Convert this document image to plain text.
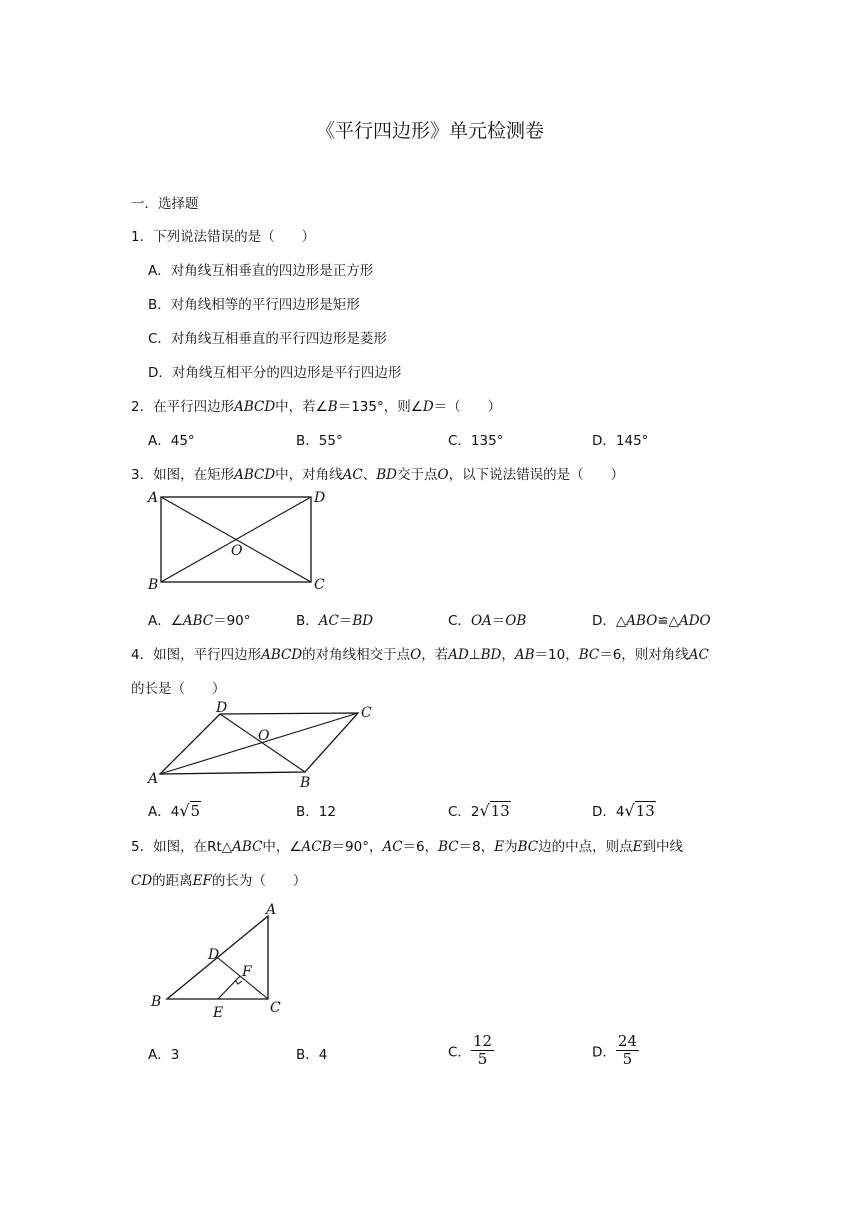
《平行四边形》单元检测卷
一．选择题
1．下列说法错误的是（　　）
A．对角线互相垂直的四边形是正方形
B．对角线相等的平行四边形是矩形
C．对角线互相垂直的平行四边形是菱形
D．对角线互相平分的四边形是平行四边形
2．在平行四边形ABCD中，若∠B＝135°，则∠D＝（　　）
A．45°	B．55°	C．135°	D．145°
3．如图，在矩形ABCD中，对角线AC、BD交于点O，以下说法错误的是（　　）
A	D
B	C
O
A．∠ABC＝90°	B．AC＝BD	C．OA＝OB	D．△ABO≌△ADO
4．如图，平行四边形ABCD的对角线相交于点O，若AD⊥BD，AB＝10，BC＝6，则对角线AC
的长是（　　）
A	B
C
D
O
A．4√5	B．12	C．2√13	D．4√13
5．如图，在Rt△ABC中，∠ACB＝90°，AC＝6，BC＝8，E为BC边的中点，则点E到中线
CD的距离EF的长为（　　）
A
B	C
D
E
F
A．3	B．4	C． $\frac{12}{5}$	D． $\frac{24}{5}$
